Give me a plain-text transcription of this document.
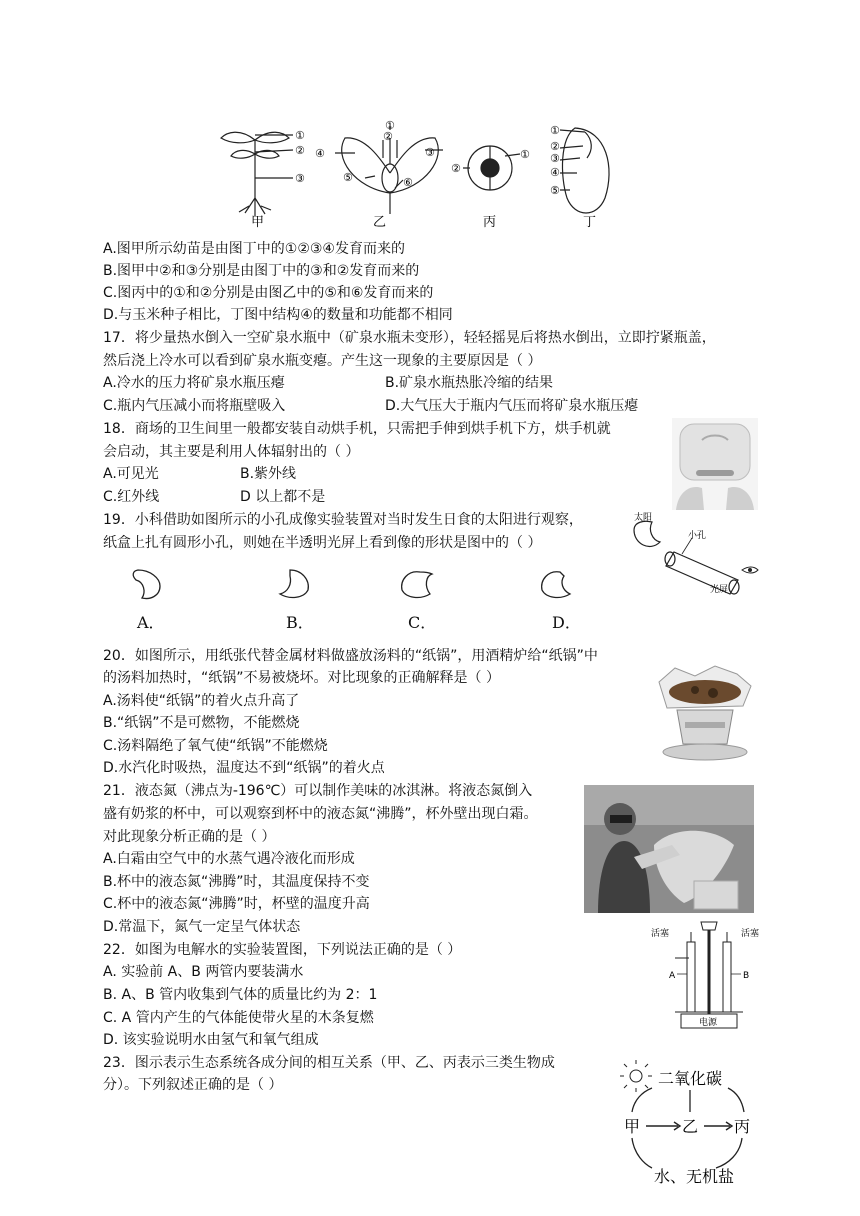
①
②
③
①
②
③
④
⑤	⑥
①
②
①
②
③
④
⑤
甲	乙	丙	丁
A.图甲所示幼苗是由图丁中的①②③④发育而来的
B.图甲中②和③分别是由图丁中的③和②发育而来的
C.图丙中的①和②分别是由图乙中的⑤和⑥发育而来的
D.与玉米种子相比，丁图中结构④的数量和功能都不相同
17．将少量热水倒入一空矿泉水瓶中（矿泉水瓶未变形），轻轻摇晃后将热水倒出，立即拧紧瓶盖，
然后浇上冷水可以看到矿泉水瓶变瘪。产生这一现象的主要原因是（ ）
A.冷水的压力将矿泉水瓶压瘪	B.矿泉水瓶热胀冷缩的结果
C.瓶内气压减小而将瓶壁吸入	D.大气压大于瓶内气压而将矿泉水瓶压瘪
18．商场的卫生间里一般都安装自动烘手机，只需把手伸到烘手机下方，烘手机就
会启动，其主要是利用人体辐射出的（ ）
A.可见光	B.紫外线
C.红外线	D 以上都不是
19．小科借助如图所示的小孔成像实验装置对当时发生日食的太阳进行观察，
纸盒上扎有圆形小孔，则她在半透明光屏上看到像的形状是图中的（ ）
太阳
小孔
光屏
A．	B．	C．	D．
20．如图所示，用纸张代替金属材料做盛放汤料的“纸锅”，用酒精炉给“纸锅”中
的汤料加热时，“纸锅”不易被烧坏。对比现象的正确解释是（ ）
A.汤料使“纸锅”的着火点升高了
B.“纸锅”不是可燃物，不能燃烧
C.汤料隔绝了氧气使“纸锅”不能燃烧
D.水汽化时吸热，温度达不到“纸锅”的着火点
21．液态氮（沸点为-196℃）可以制作美味的冰淇淋。将液态氮倒入
盛有奶浆的杯中，可以观察到杯中的液态氮“沸腾”，杯外壁出现白霜。
对此现象分析正确的是（ ）
A.白霜由空气中的水蒸气遇冷液化而形成
B.杯中的液态氮“沸腾”时，其温度保持不变
C.杯中的液态氮“沸腾”时，杯壁的温度升高
D.常温下，氮气一定呈气体状态
22．如图为电解水的实验装置图，下列说法正确的是（ ）
A. 实验前 A、B 两管内要装满水
B. A、B 管内收集到气体的质量比约为 2：1
C. A 管内产生的气体能使带火星的木条复燃
D. 该实验说明水由氢气和氧气组成
活塞	活塞
A	B
电源
23．图示表示生态系统各成分间的相互关系（甲、乙、丙表示三类生物成
分）。下列叙述正确的是（ ）	二氧化碳
甲	乙 丙
水、无机盐
